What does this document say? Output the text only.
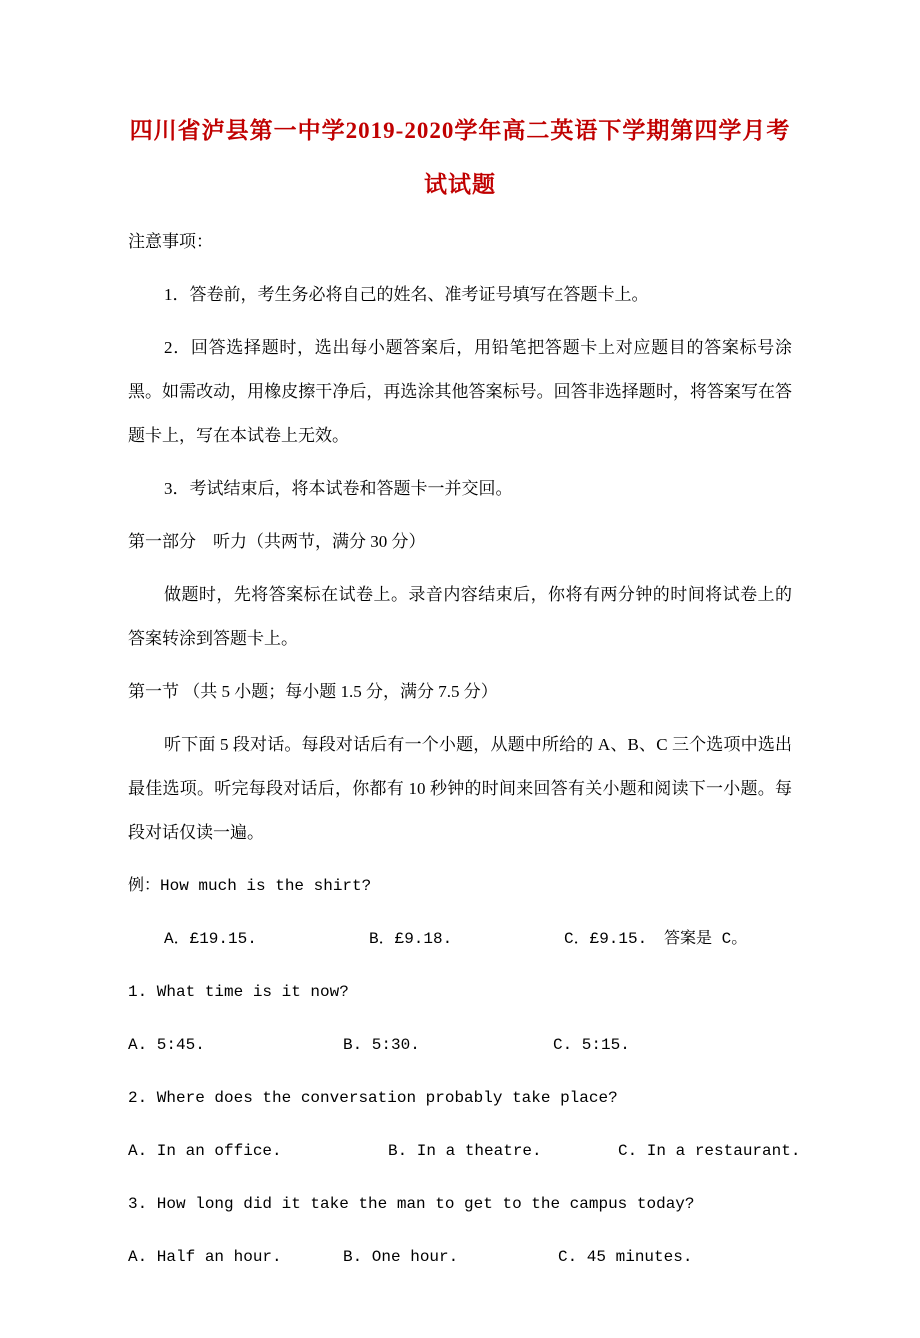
四川省泸县第一中学2019-2020学年高二英语下学期第四学月考试试题

注意事项：

1．答卷前，考生务必将自己的姓名、准考证号填写在答题卡上。

2．回答选择题时，选出每小题答案后，用铅笔把答题卡上对应题目的答案标号涂黑。如需改动，用橡皮擦干净后，再选涂其他答案标号。回答非选择题时，将答案写在答题卡上，写在本试卷上无效。

3．考试结束后，将本试卷和答题卡一并交回。

第一部分　听力（共两节，满分 30 分）

做题时，先将答案标在试卷上。录音内容结束后，你将有两分钟的时间将试卷上的答案转涂到答题卡上。

第一节 （共 5 小题；每小题 1.5 分，满分 7.5 分）

听下面 5 段对话。每段对话后有一个小题，从题中所给的 A、B、C 三个选项中选出最佳选项。听完每段对话后，你都有 10 秒钟的时间来回答有关小题和阅读下一小题。每段对话仅读一遍。

例：How much is the shirt?

A．£19.15.	B．£9.18.	C．£9.15.	答案是 C。

1. What time is it now?

A. 5:45.	B. 5:30.	C. 5:15.

2. Where does the conversation probably take place?

A. In an office.	B. In a theatre.	C. In a restaurant.

3. How long did it take the man to get to the campus today?

A. Half an hour.	B. One hour.	C. 45 minutes.
